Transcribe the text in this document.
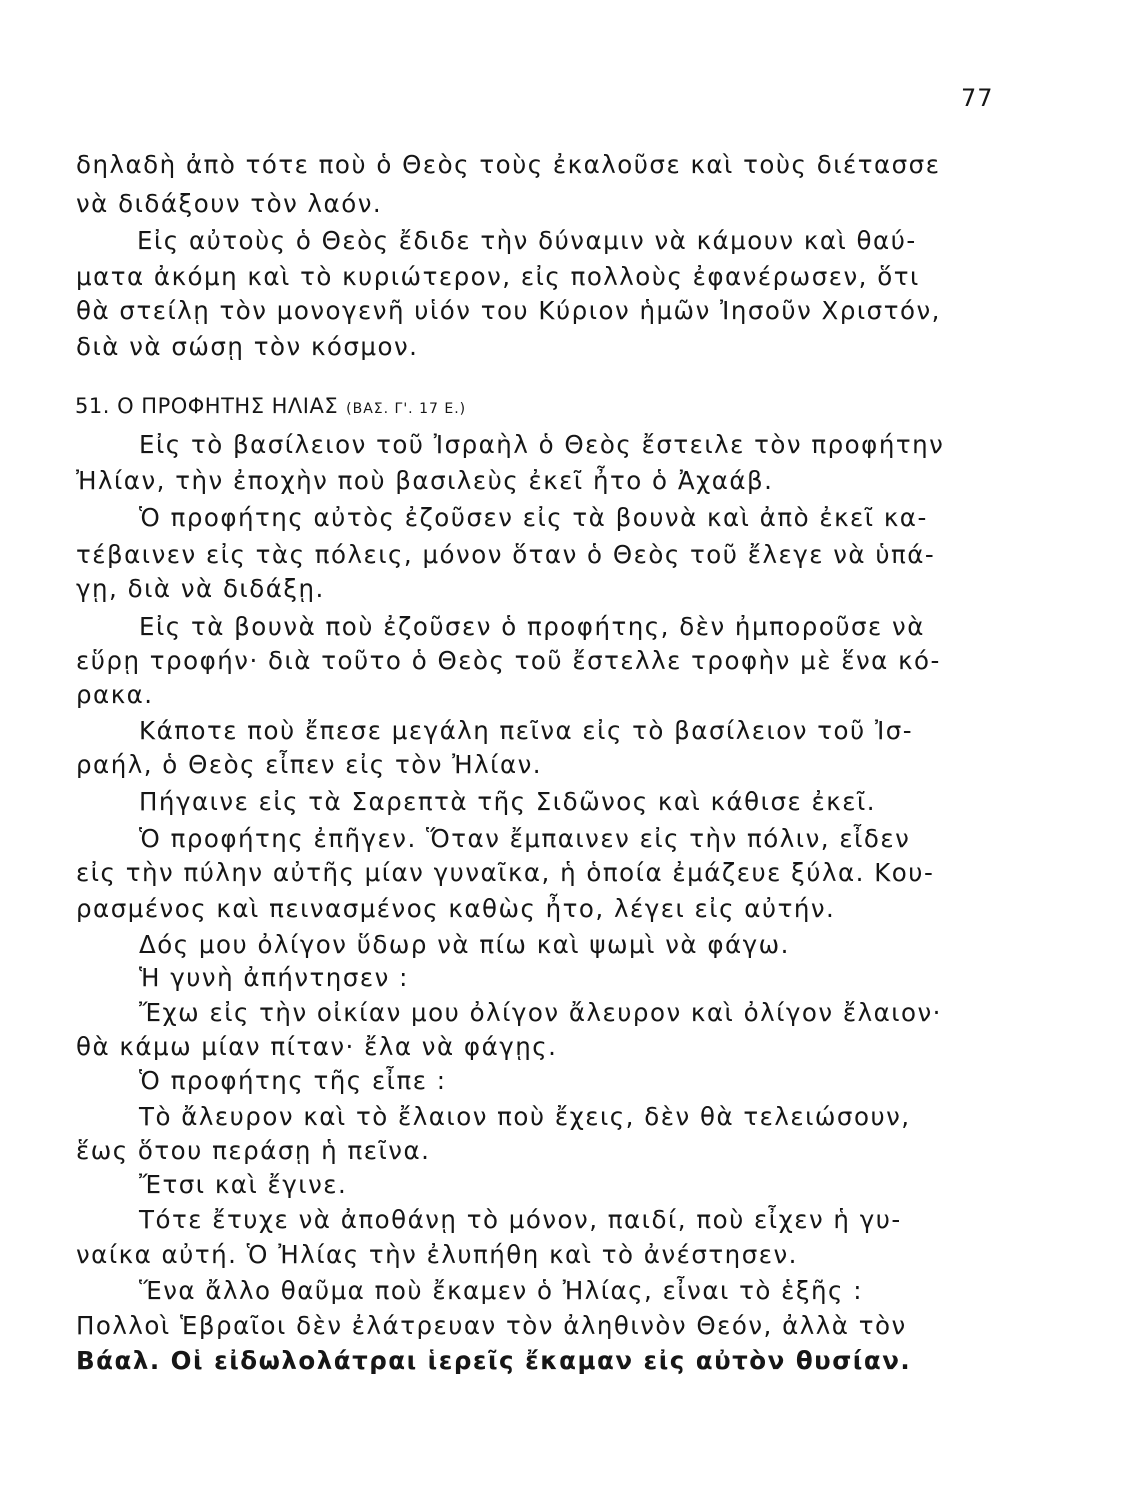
77
δηλαδὴ ἀπὸ τότε ποὺ ὁ Θεὸς τοὺς ἐκαλοῦσε καὶ τοὺς διέτασσε
νὰ διδάξουν τὸν λαόν.
Εἰς αὐτοὺς ὁ Θεὸς ἔδιδε τὴν δύναμιν νὰ κάμουν καὶ θαύ-
ματα ἀκόμη καὶ τὸ κυριώτερον, εἰς πολλοὺς ἐφανέρωσεν, ὅτι
θὰ στείλῃ τὸν μονογενῆ υἱόν του Κύριον ἡμῶν Ἰησοῦν Χριστόν,
διὰ νὰ σώσῃ τὸν κόσμον.
51. Ο ΠΡΟΦΗΤΗΣ ΗΛΙΑΣ (ΒΑΣ. Γ'. 17 Ε.)
Εἰς τὸ βασίλειον τοῦ Ἰσραὴλ ὁ Θεὸς ἔστειλε τὸν προφήτην
Ἠλίαν, τὴν ἐποχὴν ποὺ βασιλεὺς ἐκεῖ ἦτο ὁ Ἀχαάβ.
Ὁ προφήτης αὐτὸς ἐζοῦσεν εἰς τὰ βουνὰ καὶ ἀπὸ ἐκεῖ κα-
τέβαινεν εἰς τὰς πόλεις, μόνον ὅταν ὁ Θεὸς τοῦ ἔλεγε νὰ ὑπά-
γῃ, διὰ νὰ διδάξῃ.
Εἰς τὰ βουνὰ ποὺ ἐζοῦσεν ὁ προφήτης, δὲν ἠμποροῦσε νὰ
εὕρῃ τροφήν· διὰ τοῦτο ὁ Θεὸς τοῦ ἔστελλε τροφὴν μὲ ἕνα κό-
ρακα.
Κάποτε ποὺ ἔπεσε μεγάλη πεῖνα εἰς τὸ βασίλειον τοῦ Ἰσ-
ραήλ, ὁ Θεὸς εἶπεν εἰς τὸν Ἠλίαν.
Πήγαινε εἰς τὰ Σαρεπτὰ τῆς Σιδῶνος καὶ κάθισε ἐκεῖ.
Ὁ προφήτης ἐπῆγεν. Ὅταν ἔμπαινεν εἰς τὴν πόλιν, εἶδεν
εἰς τὴν πύλην αὐτῆς μίαν γυναῖκα, ἡ ὁποία ἐμάζευε ξύλα. Κου-
ρασμένος καὶ πεινασμένος καθὼς ἦτο, λέγει εἰς αὐτήν.
Δός μου ὀλίγον ὕδωρ νὰ πίω καὶ ψωμὶ νὰ φάγω.
Ἡ γυνὴ ἀπήντησεν :
Ἔχω εἰς τὴν οἰκίαν μου ὀλίγον ἄλευρον καὶ ὀλίγον ἔλαιον·
θὰ κάμω μίαν πίταν· ἔλα νὰ φάγῃς.
Ὁ προφήτης τῆς εἶπε :
Τὸ ἄλευρον καὶ τὸ ἔλαιον ποὺ ἔχεις, δὲν θὰ τελειώσουν,
ἕως ὅτου περάσῃ ἡ πεῖνα.
Ἔτσι καὶ ἔγινε.
Τότε ἔτυχε νὰ ἀποθάνῃ τὸ μόνον, παιδί, ποὺ εἶχεν ἡ γυ-
ναίκα αὐτή. Ὁ Ἠλίας τὴν ἐλυπήθη καὶ τὸ ἀνέστησεν.
Ἕνα ἄλλο θαῦμα ποὺ ἔκαμεν ὁ Ἠλίας, εἶναι τὸ ἑξῆς :
Πολλοὶ Ἑβραῖοι δὲν ἐλάτρευαν τὸν ἀληθινὸν Θεόν, ἀλλὰ τὸν
Βάαλ. Οἱ εἰδωλολάτραι ἱερεῖς ἔκαμαν εἰς αὐτὸν θυσίαν.
